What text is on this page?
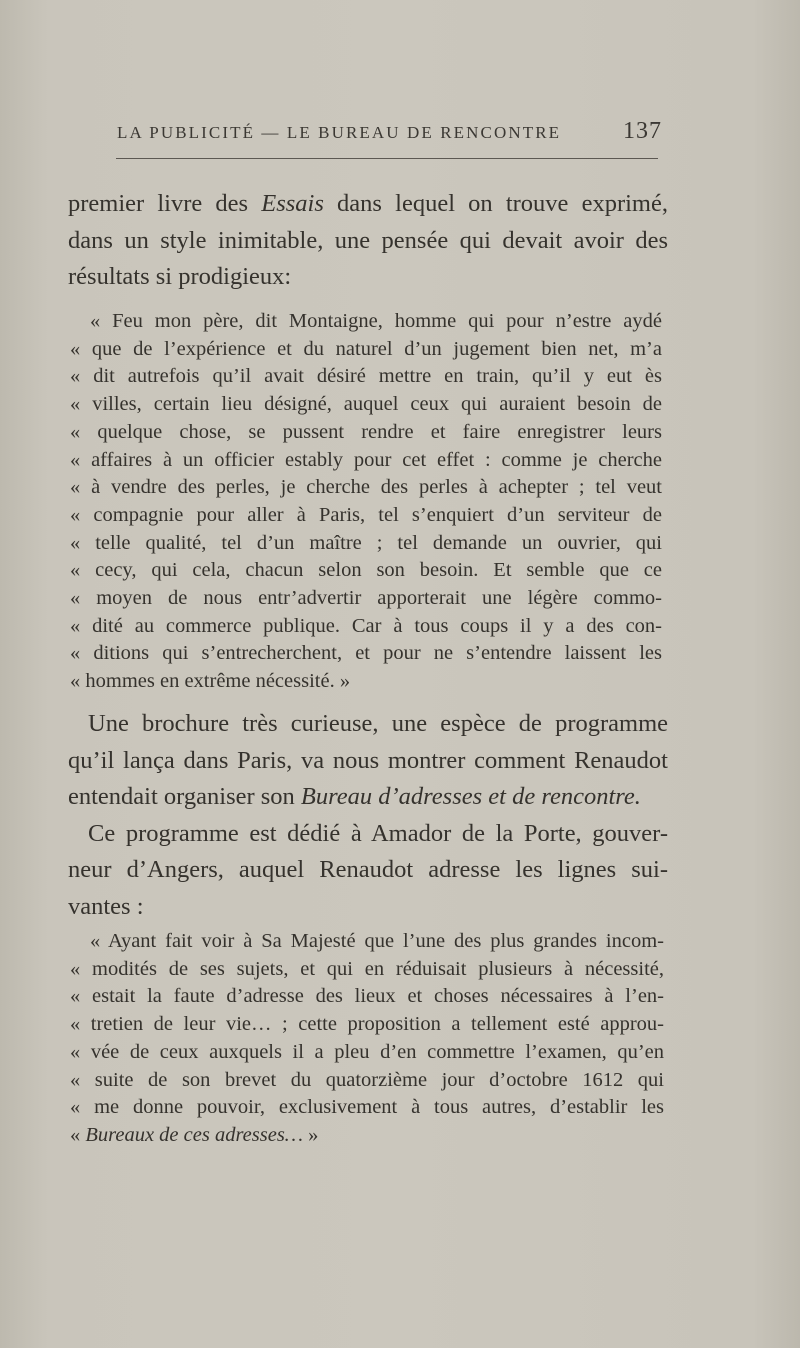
LA PUBLICITÉ — LE BUREAU DE RENCONTRE	137
premier livre des Essais dans lequel on trouve exprimé,
dans un style inimitable, une pensée qui devait avoir des
résultats si prodigieux:
« Feu mon père, dit Montaigne, homme qui pour n’estre aydé
« que de l’expérience et du naturel d’un jugement bien net, m’a
« dit autrefois qu’il avait désiré mettre en train, qu’il y eut ès
« villes, certain lieu désigné, auquel ceux qui auraient besoin de
« quelque chose, se pussent rendre et faire enregistrer leurs
« affaires à un officier estably pour cet effet : comme je cherche
« à vendre des perles, je cherche des perles à achepter ; tel veut
« compagnie pour aller à Paris, tel s’enquiert d’un serviteur de
« telle qualité, tel d’un maître ; tel demande un ouvrier, qui
« cecy, qui cela, chacun selon son besoin. Et semble que ce
« moyen de nous entr’advertir apporterait une légère commo-
« dité au commerce publique. Car à tous coups il y a des con-
« ditions qui s’entrecherchent, et pour ne s’entendre laissent les
« hommes en extrême nécessité. »
Une brochure très curieuse, une espèce de programme
qu’il lança dans Paris, va nous montrer comment Renaudot
entendait organiser son Bureau d’adresses et de rencontre.
Ce programme est dédié à Amador de la Porte, gouver-
neur d’Angers, auquel Renaudot adresse les lignes sui-
vantes :
« Ayant fait voir à Sa Majesté que l’une des plus grandes incom-
« modités de ses sujets, et qui en réduisait plusieurs à nécessité,
« estait la faute d’adresse des lieux et choses nécessaires à l’en-
« tretien de leur vie… ; cette proposition a tellement esté approu-
« vée de ceux auxquels il a pleu d’en commettre l’examen, qu’en
« suite de son brevet du quatorzième jour d’octobre 1612 qui
« me donne pouvoir, exclusivement à tous autres, d’establir les
« Bureaux de ces adresses… »
